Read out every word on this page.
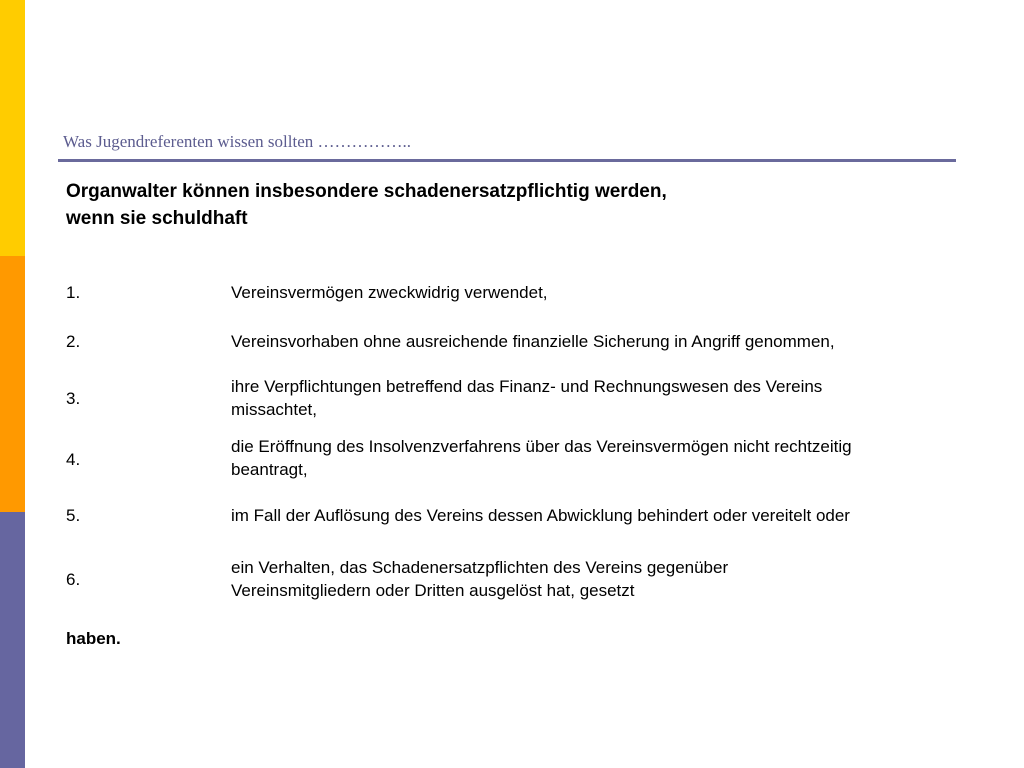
Was Jugendreferenten wissen sollten ……………..
Organwalter können insbesondere schadenersatzpflichtig werden,
wenn sie schuldhaft
1.	Vereinsvermögen zweckwidrig verwendet,
2.	Vereinsvorhaben ohne ausreichende finanzielle Sicherung in Angriff genommen,
3.
ihre Verpflichtungen betreffend das Finanz- und Rechnungswesen des Vereins
missachtet,
4.
die Eröffnung des Insolvenzverfahrens über das Vereinsvermögen nicht rechtzeitig
beantragt,
5.	im Fall der Auflösung des Vereins dessen Abwicklung behindert oder vereitelt oder
6.
ein Verhalten, das Schadenersatzpflichten des Vereins gegenüber
Vereinsmitgliedern oder Dritten ausgelöst hat, gesetzt
haben.
